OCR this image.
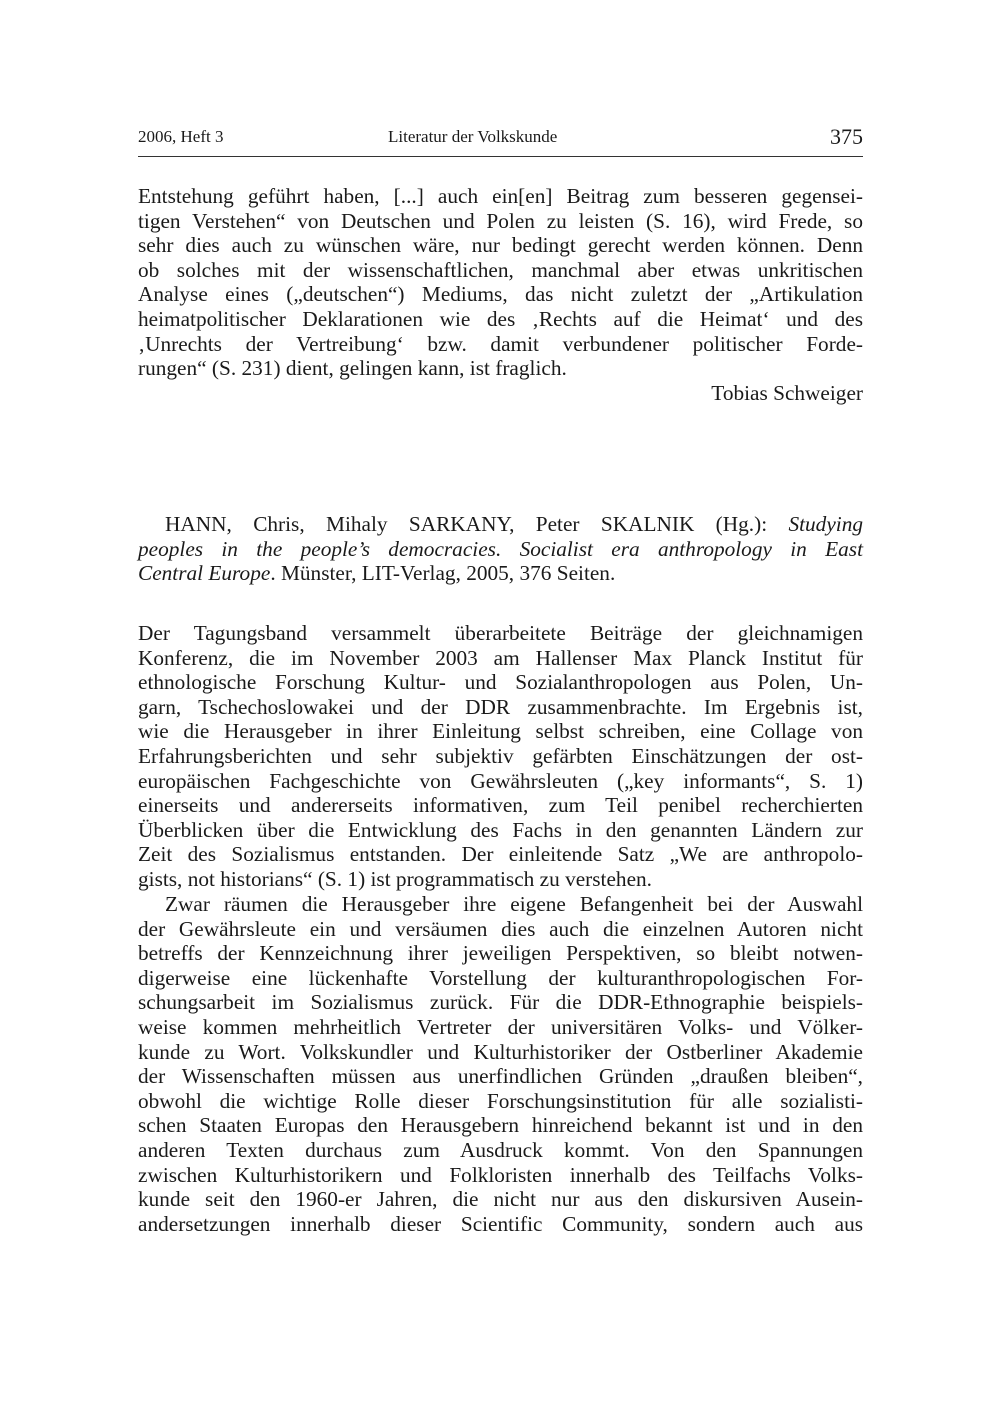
2006, Heft 3	Literatur der Volkskunde	375
Entstehung geführt haben, [...] auch ein[en] Beitrag zum besseren gegensei-
tigen Verstehen“ von Deutschen und Polen zu leisten (S. 16), wird Frede, so
sehr dies auch zu wünschen wäre, nur bedingt gerecht werden können. Denn
ob solches mit der wissenschaftlichen, manchmal aber etwas unkritischen
Analyse eines („deutschen“) Mediums, das nicht zuletzt der „Artikulation
heimatpolitischer Deklarationen wie des ‚Rechts auf die Heimat‘ und des
‚Unrechts der Vertreibung‘ bzw. damit verbundener politischer Forde-
rungen“ (S. 231) dient, gelingen kann, ist fraglich.
Tobias Schweiger
HANN, Chris, Mihaly SARKANY, Peter SKALNIK (Hg.): Studying
peoples in the people’s democracies. Socialist era anthropology in East
Central Europe. Münster, LIT-Verlag, 2005, 376 Seiten.
Der Tagungsband versammelt überarbeitete Beiträge der gleichnamigen
Konferenz, die im November 2003 am Hallenser Max Planck Institut für
ethnologische Forschung Kultur- und Sozialanthropologen aus Polen, Un-
garn, Tschechoslowakei und der DDR zusammenbrachte. Im Ergebnis ist,
wie die Herausgeber in ihrer Einleitung selbst schreiben, eine Collage von
Erfahrungsberichten und sehr subjektiv gefärbten Einschätzungen der ost-
europäischen Fachgeschichte von Gewährsleuten („key informants“, S. 1)
einerseits und andererseits informativen, zum Teil penibel recherchierten
Überblicken über die Entwicklung des Fachs in den genannten Ländern zur
Zeit des Sozialismus entstanden. Der einleitende Satz „We are anthropolo-
gists, not historians“ (S. 1) ist programmatisch zu verstehen.
Zwar räumen die Herausgeber ihre eigene Befangenheit bei der Auswahl
der Gewährsleute ein und versäumen dies auch die einzelnen Autoren nicht
betreffs der Kennzeichnung ihrer jeweiligen Perspektiven, so bleibt notwen-
digerweise eine lückenhafte Vorstellung der kulturanthropologischen For-
schungsarbeit im Sozialismus zurück. Für die DDR-Ethnographie beispiels-
weise kommen mehrheitlich Vertreter der universitären Volks- und Völker-
kunde zu Wort. Volkskundler und Kulturhistoriker der Ostberliner Akademie
der Wissenschaften müssen aus unerfindlichen Gründen „draußen bleiben“,
obwohl die wichtige Rolle dieser Forschungsinstitution für alle sozialisti-
schen Staaten Europas den Herausgebern hinreichend bekannt ist und in den
anderen Texten durchaus zum Ausdruck kommt. Von den Spannungen
zwischen Kulturhistorikern und Folkloristen innerhalb des Teilfachs Volks-
kunde seit den 1960-er Jahren, die nicht nur aus den diskursiven Ausein-
andersetzungen innerhalb dieser Scientific Community, sondern auch aus
